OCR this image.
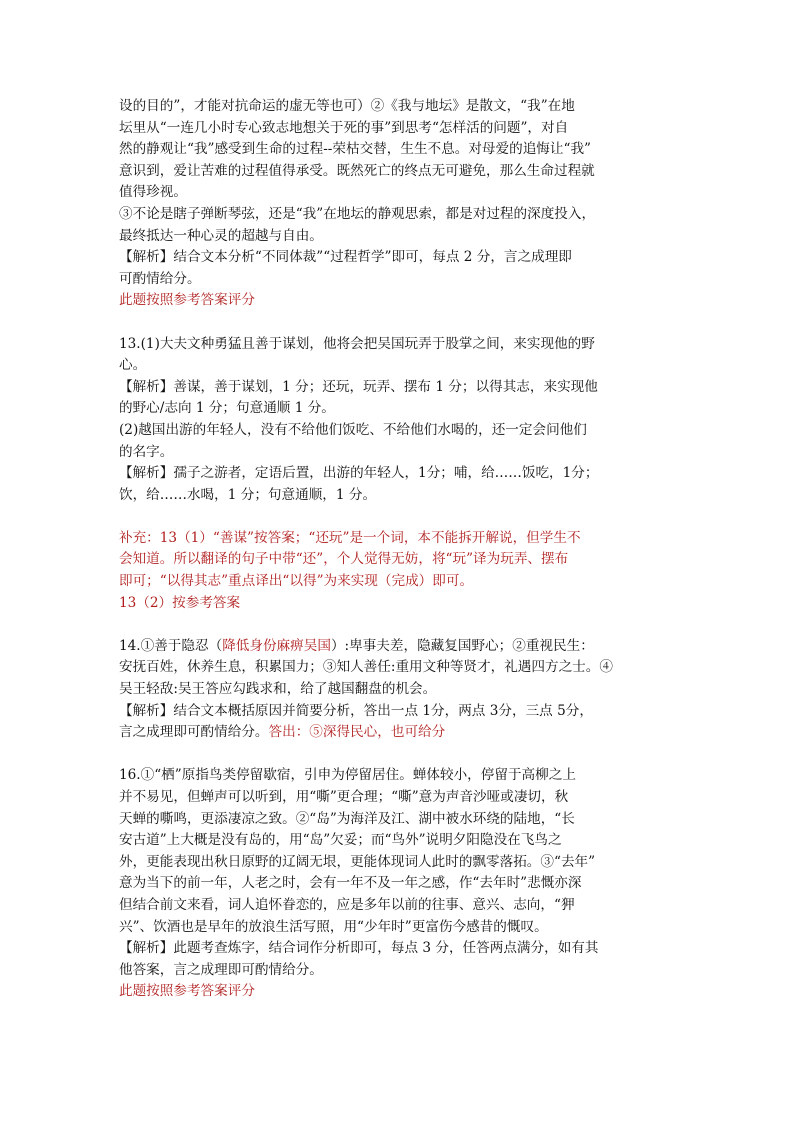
设的目的”，才能对抗命运的虚无等也可）②《我与地坛》是散文，“我”在地
坛里从“一连几小时专心致志地想关于死的事”到思考“怎样活的问题”，对自
然的静观让“我”感受到生命的过程--荣枯交替，生生不息。对母爱的追悔让“我”
意识到，爱让苦难的过程值得承受。既然死亡的终点无可避免，那么生命过程就
值得珍视。
③不论是瞎子弹断琴弦，还是“我”在地坛的静观思索，都是对过程的深度投入，
最终抵达一种心灵的超越与自由。
【解析】结合文本分析“不同体裁”“过程哲学”即可，每点 2 分，言之成理即
可酌情给分。
此题按照参考答案评分
13.(1)大夫文种勇猛且善于谋划，他将会把吴国玩弄于股掌之间，来实现他的野
心。
【解析】善谋，善于谋划，1 分；还玩，玩弄、摆布 1 分；以得其志，来实现他
的野心/志向 1 分；句意通顺 1 分。
(2)越国出游的年轻人，没有不给他们饭吃、不给他们水喝的，还一定会问他们
的名字。
【解析】孺子之游者，定语后置，出游的年轻人，1分；哺，给……饭吃，1分；
饮，给……水喝，1 分；句意通顺，1 分。
补充：13（1）“善谋”按答案；“还玩”是一个词，本不能拆开解说，但学生不
会知道。所以翻译的句子中带“还”，个人觉得无妨，将“玩”译为玩弄、摆布
即可；“以得其志”重点译出“以得”为来实现（完成）即可。
13（2）按参考答案
14.①善于隐忍（降低身份麻痹吴国）:卑事夫差，隐藏复国野心；②重视民生：
安抚百姓，休养生息，积累国力；③知人善任:重用文种等贤才，礼遇四方之士。④
吴王轻敌:吴王答应勾践求和，给了越国翻盘的机会。
【解析】结合文本概括原因并简要分析，答出一点 1分，两点 3分，三点 5分，
言之成理即可酌情给分。答出：⑤深得民心，也可给分
16.①“栖”原指鸟类停留歇宿，引申为停留居住。蝉体较小，停留于高柳之上
并不易见，但蝉声可以听到，用“嘶”更合理；“嘶”意为声音沙哑或凄切，秋
天蝉的嘶鸣，更添凄凉之致。②“岛”为海洋及江、湖中被水环绕的陆地，“长
安古道”上大概是没有岛的，用“岛”欠妥；而“鸟外”说明夕阳隐没在飞鸟之
外，更能表现出秋日原野的辽阔无垠，更能体现词人此时的飘零落拓。③“去年”
意为当下的前一年，人老之时，会有一年不及一年之感，作“去年时”悲慨亦深
但结合前文来看，词人追怀眷恋的，应是多年以前的往事、意兴、志向，“狎
兴”、饮酒也是早年的放浪生活写照，用“少年时”更富伤今感昔的慨叹。
【解析】此题考查炼字，结合词作分析即可，每点 3 分，任答两点满分，如有其
他答案，言之成理即可酌情给分。
此题按照参考答案评分
